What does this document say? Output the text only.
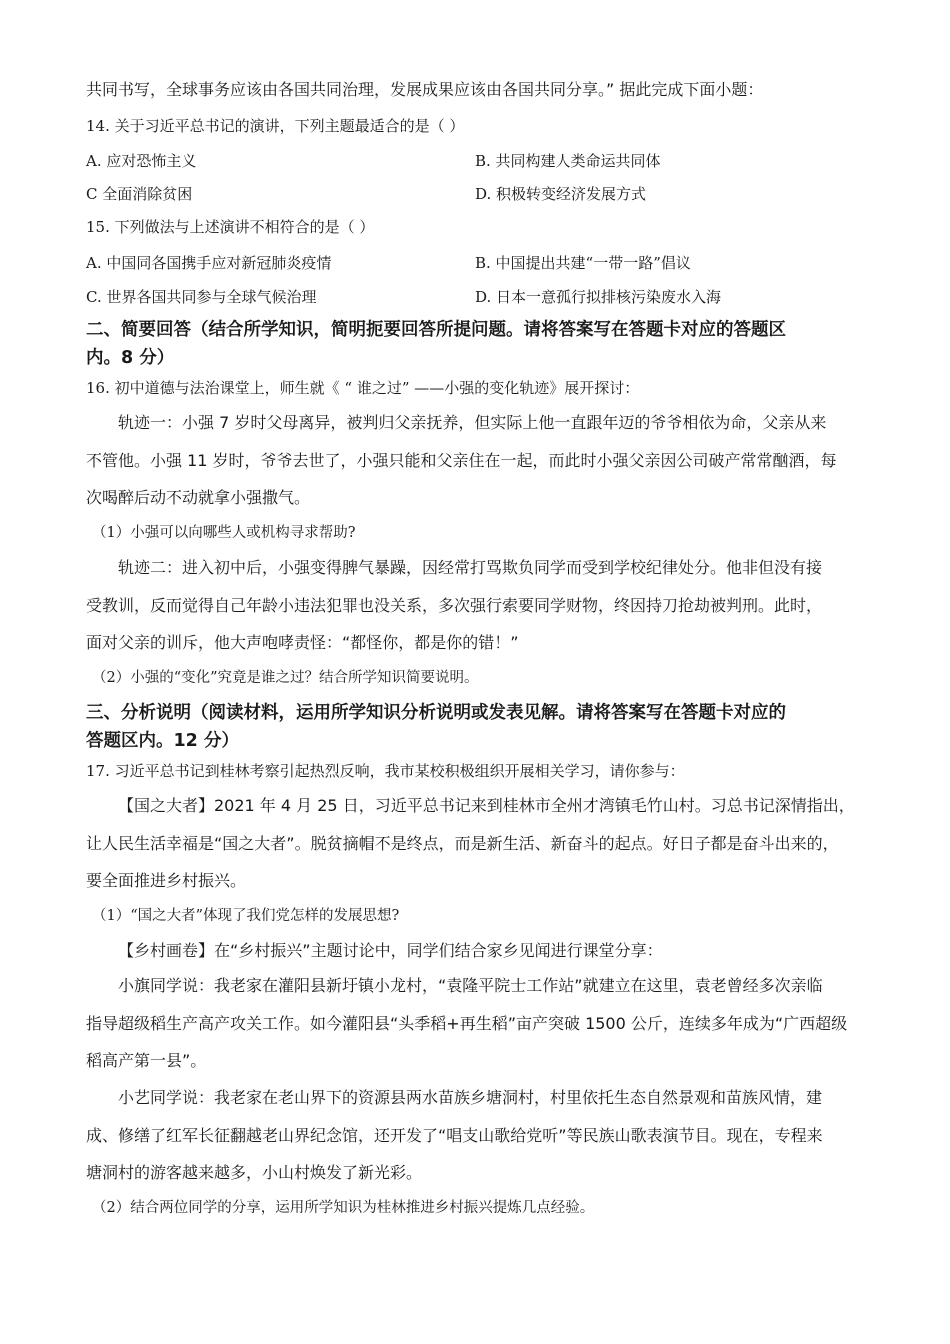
共同书写，全球事务应该由各国共同治理，发展成果应该由各国共同分享。” 据此完成下面小题：
14. 关于习近平总书记的演讲，下列主题最适合的是（ ）
A. 应对恐怖主义	B. 共同构建人类命运共同体
C 全面消除贫困	D. 积极转变经济发展方式
15. 下列做法与上述演讲不相符合的是（ ）
A. 中国同各国携手应对新冠肺炎疫情	B. 中国提出共建“一带一路”倡议
C. 世界各国共同参与全球气候治理	D. 日本一意孤行拟排核污染废水入海
二、简要回答（结合所学知识，简明扼要回答所提问题。请将答案写在答题卡对应的答题区
内。8 分）
16. 初中道德与法治课堂上，师生就《 “ 谁之过” ——小强的变化轨迹》展开探讨：
轨迹一：小强 7 岁时父母离异，被判归父亲抚养，但实际上他一直跟年迈的爷爷相依为命，父亲从来
不管他。小强 11 岁时，爷爷去世了，小强只能和父亲住在一起，而此时小强父亲因公司破产常常酗酒，每
次喝醉后动不动就拿小强撒气。
（1）小强可以向哪些人或机构寻求帮助?
轨迹二：进入初中后，小强变得脾气暴躁，因经常打骂欺负同学而受到学校纪律处分。他非但没有接
受教训，反而觉得自己年龄小违法犯罪也没关系，多次强行索要同学财物，终因持刀抢劫被判刑。此时，
面对父亲的训斥，他大声咆哮责怪：“都怪你，都是你的错！”
（2）小强的“变化”究竟是谁之过？结合所学知识简要说明。
三、分析说明（阅读材料，运用所学知识分析说明或发表见解。请将答案写在答题卡对应的
答题区内。12 分）
17. 习近平总书记到桂林考察引起热烈反响，我市某校积极组织开展相关学习，请你参与：
【国之大者】2021 年 4 月 25 日，习近平总书记来到桂林市全州才湾镇毛竹山村。习总书记深情指出，
让人民生活幸福是“国之大者”。脱贫摘帽不是终点，而是新生活、新奋斗的起点。好日子都是奋斗出来的，
要全面推进乡村振兴。
（1）“国之大者”体现了我们党怎样的发展思想?
【乡村画卷】在“乡村振兴”主题讨论中，同学们结合家乡见闻进行课堂分享：
小旗同学说：我老家在灌阳县新圩镇小龙村，“袁隆平院士工作站”就建立在这里，袁老曾经多次亲临
指导超级稻生产高产攻关工作。如今灌阳县“头季稻+再生稻”亩产突破 1500 公斤，连续多年成为“广西超级
稻高产第一县”。
小艺同学说：我老家在老山界下的资源县两水苗族乡塘洞村，村里依托生态自然景观和苗族风情，建
成、修缮了红军长征翻越老山界纪念馆，还开发了“唱支山歌给党听”等民族山歌表演节目。现在，专程来
塘洞村的游客越来越多，小山村焕发了新光彩。
（2）结合两位同学的分享，运用所学知识为桂林推进乡村振兴提炼几点经验。
